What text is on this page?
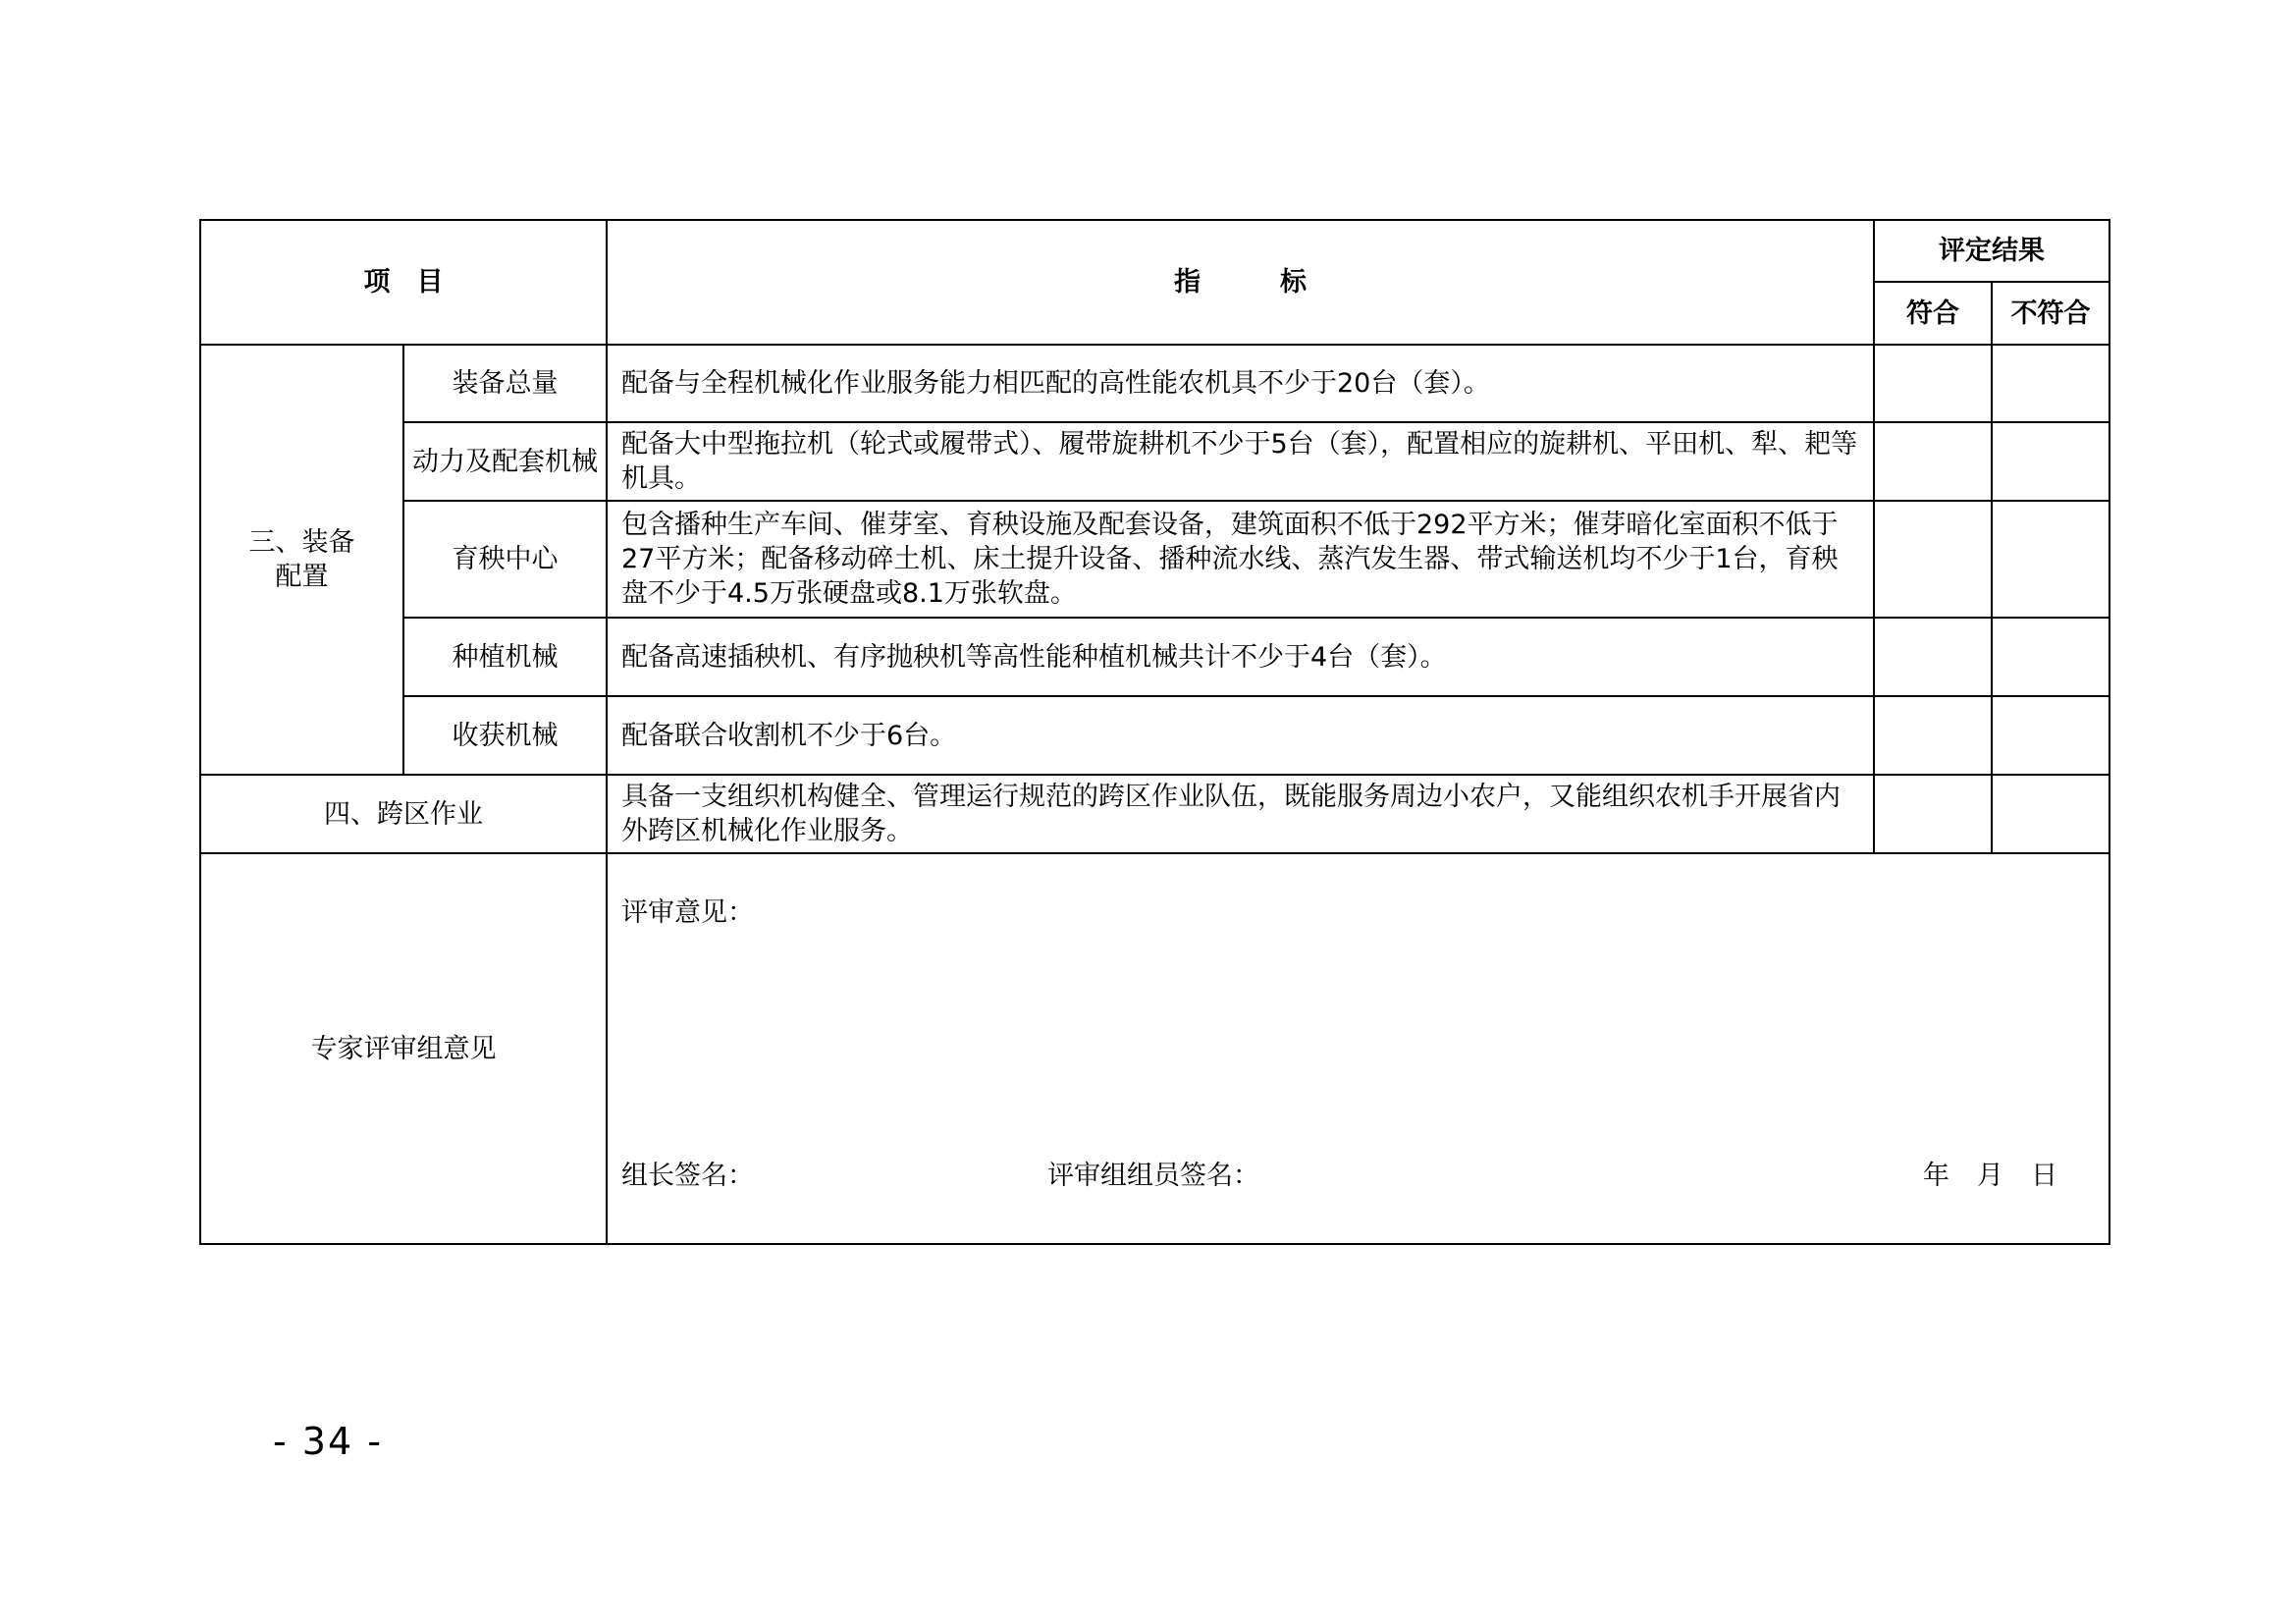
项　目		指　　　标	评定结果	
			符合	不符合
三、装备配置	装备总量	配备与全程机械化作业服务能力相匹配的高性能农机具不少于20台（套）。		
	动力及配套机械	配备大中型拖拉机（轮式或履带式）、履带旋耕机不少于5台（套），配置相应的旋耕机、平田机、犁、耙等机具。		
	育秧中心	包含播种生产车间、催芽室、育秧设施及配套设备，建筑面积不低于292平方米；催芽暗化室面积不低于27平方米；配备移动碎土机、床土提升设备、播种流水线、蒸汽发生器、带式输送机均不少于1台，育秧盘不少于4.5万张硬盘或8.1万张软盘。		
	种植机械	配备高速插秧机、有序抛秧机等高性能种植机械共计不少于4台（套）。		
	收获机械	配备联合收割机不少于6台。		
四、跨区作业		具备一支组织机构健全、管理运行规范的跨区作业队伍，既能服务周边小农户，又能组织农机手开展省内外跨区机械化作业服务。		
专家评审组意见		评审意见：
组长签名： 评审组组员签名： 年 月 日		
- 34 -
